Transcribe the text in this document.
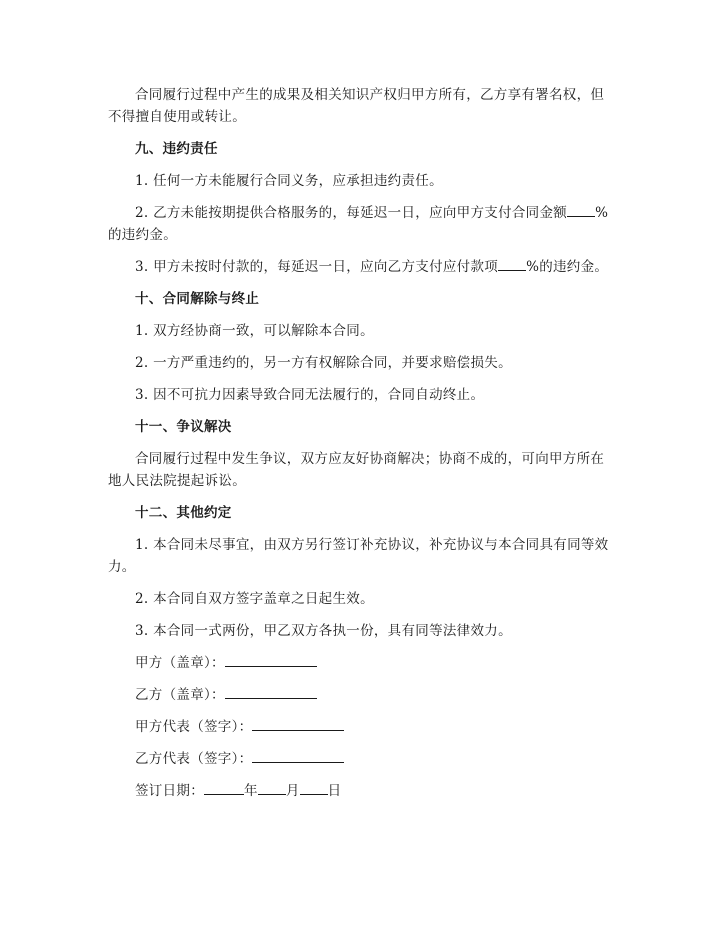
合同履行过程中产生的成果及相关知识产权归甲方所有，乙方享有署名权，但不得擅自使用或转让。

九、违约责任

1. 任何一方未能履行合同义务，应承担违约责任。

2. 乙方未能按期提供合格服务的，每延迟一日，应向甲方支付合同金额 %的违约金。

3. 甲方未按时付款的，每延迟一日，应向乙方支付应付款项 %的违约金。

十、合同解除与终止

1. 双方经协商一致，可以解除本合同。

2. 一方严重违约的，另一方有权解除合同，并要求赔偿损失。

3. 因不可抗力因素导致合同无法履行的，合同自动终止。

十一、争议解决

合同履行过程中发生争议，双方应友好协商解决；协商不成的，可向甲方所在地人民法院提起诉讼。

十二、其他约定

1. 本合同未尽事宜，由双方另行签订补充协议，补充协议与本合同具有同等效力。

2. 本合同自双方签字盖章之日起生效。

3. 本合同一式两份，甲乙双方各执一份，具有同等法律效力。

甲方（盖章）：

乙方（盖章）：

甲方代表（签字）：

乙方代表（签字）：

签订日期：	年 月 日
